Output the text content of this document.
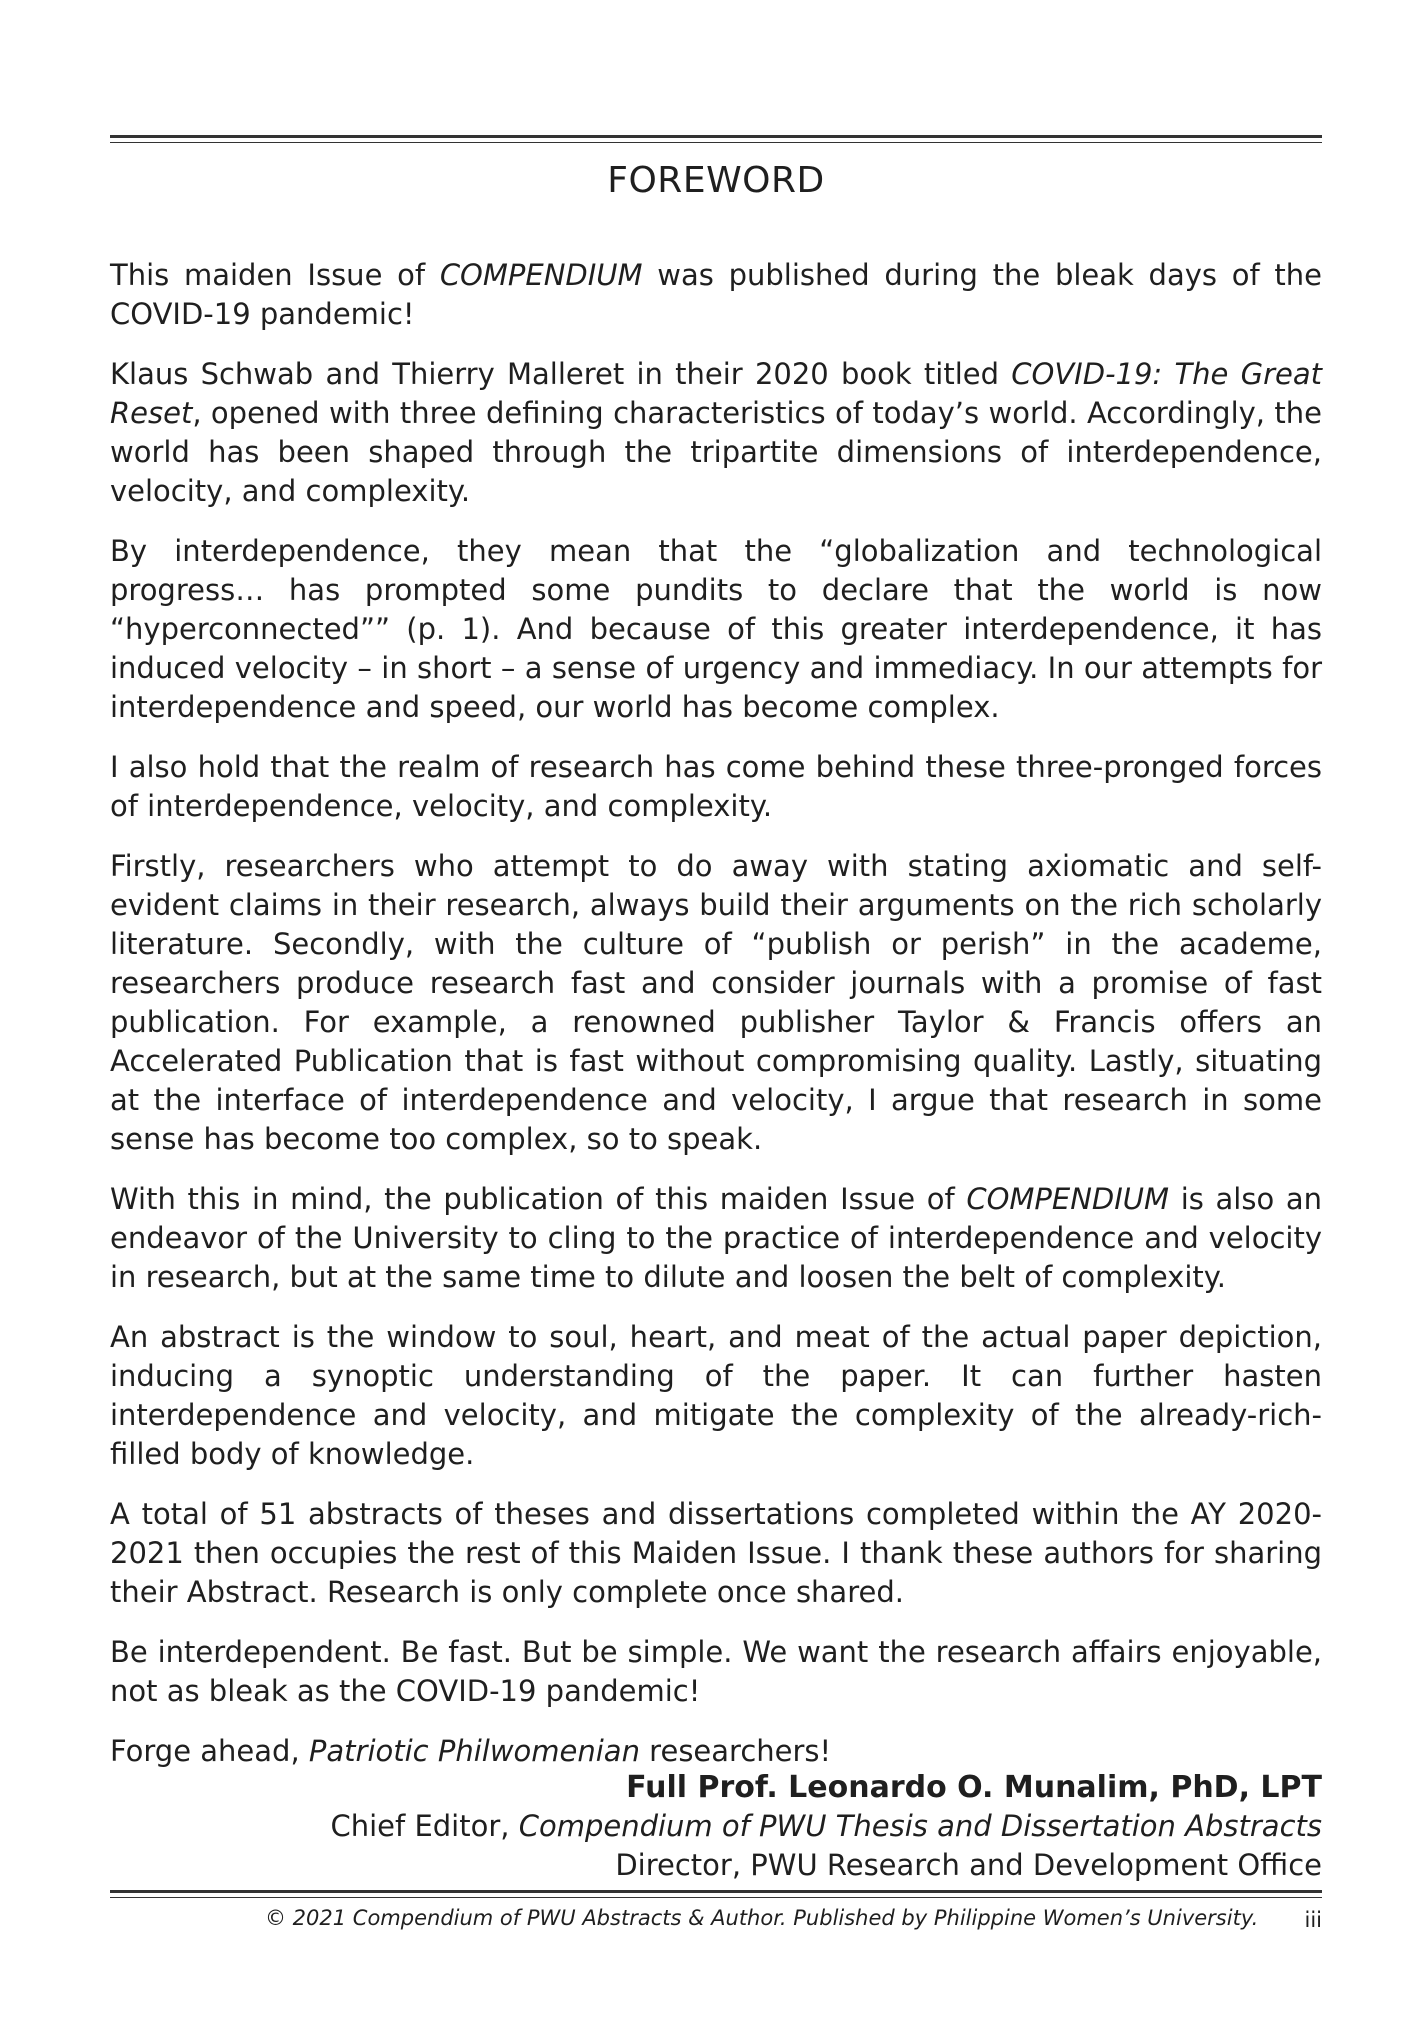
FOREWORD

This maiden Issue of COMPENDIUM was published during the bleak days of the COVID-19 pandemic!

Klaus Schwab and Thierry Malleret in their 2020 book titled COVID-19: The Great Reset, opened with three defining characteristics of today’s world. Accordingly, the world has been shaped through the tripartite dimensions of interdependence, velocity, and complexity.

By interdependence, they mean that the “globalization and technological progress… has prompted some pundits to declare that the world is now “hyperconnected”” (p. 1). And because of this greater interdependence, it has induced velocity – in short – a sense of urgency and immediacy. In our attempts for interdependence and speed, our world has become complex.

I also hold that the realm of research has come behind these three-pronged forces of interdependence, velocity, and complexity.

Firstly, researchers who attempt to do away with stating axiomatic and self-evident claims in their research, always build their arguments on the rich scholarly literature. Secondly, with the culture of “publish or perish” in the academe, researchers produce research fast and consider journals with a promise of fast publication. For example, a renowned publisher Taylor & Francis offers an Accelerated Publication that is fast without compromising quality. Lastly, situating at the interface of interdependence and velocity, I argue that research in some sense has become too complex, so to speak.

With this in mind, the publication of this maiden Issue of COMPENDIUM is also an endeavor of the University to cling to the practice of interdependence and velocity in research, but at the same time to dilute and loosen the belt of complexity.

An abstract is the window to soul, heart, and meat of the actual paper depiction, inducing a synoptic understanding of the paper. It can further hasten interdependence and velocity, and mitigate the complexity of the already-rich-filled body of knowledge.

A total of 51 abstracts of theses and dissertations completed within the AY 2020-2021 then occupies the rest of this Maiden Issue. I thank these authors for sharing their Abstract. Research is only complete once shared.

Be interdependent. Be fast. But be simple. We want the research affairs enjoyable, not as bleak as the COVID-19 pandemic!

Forge ahead, Patriotic Philwomenian researchers!

Full Prof. Leonardo O. Munalim, PhD, LPT
Chief Editor, Compendium of PWU Thesis and Dissertation Abstracts
Director, PWU Research and Development Office
© 2021 Compendium of PWU Abstracts & Author. Published by Philippine Women’s University. iii
